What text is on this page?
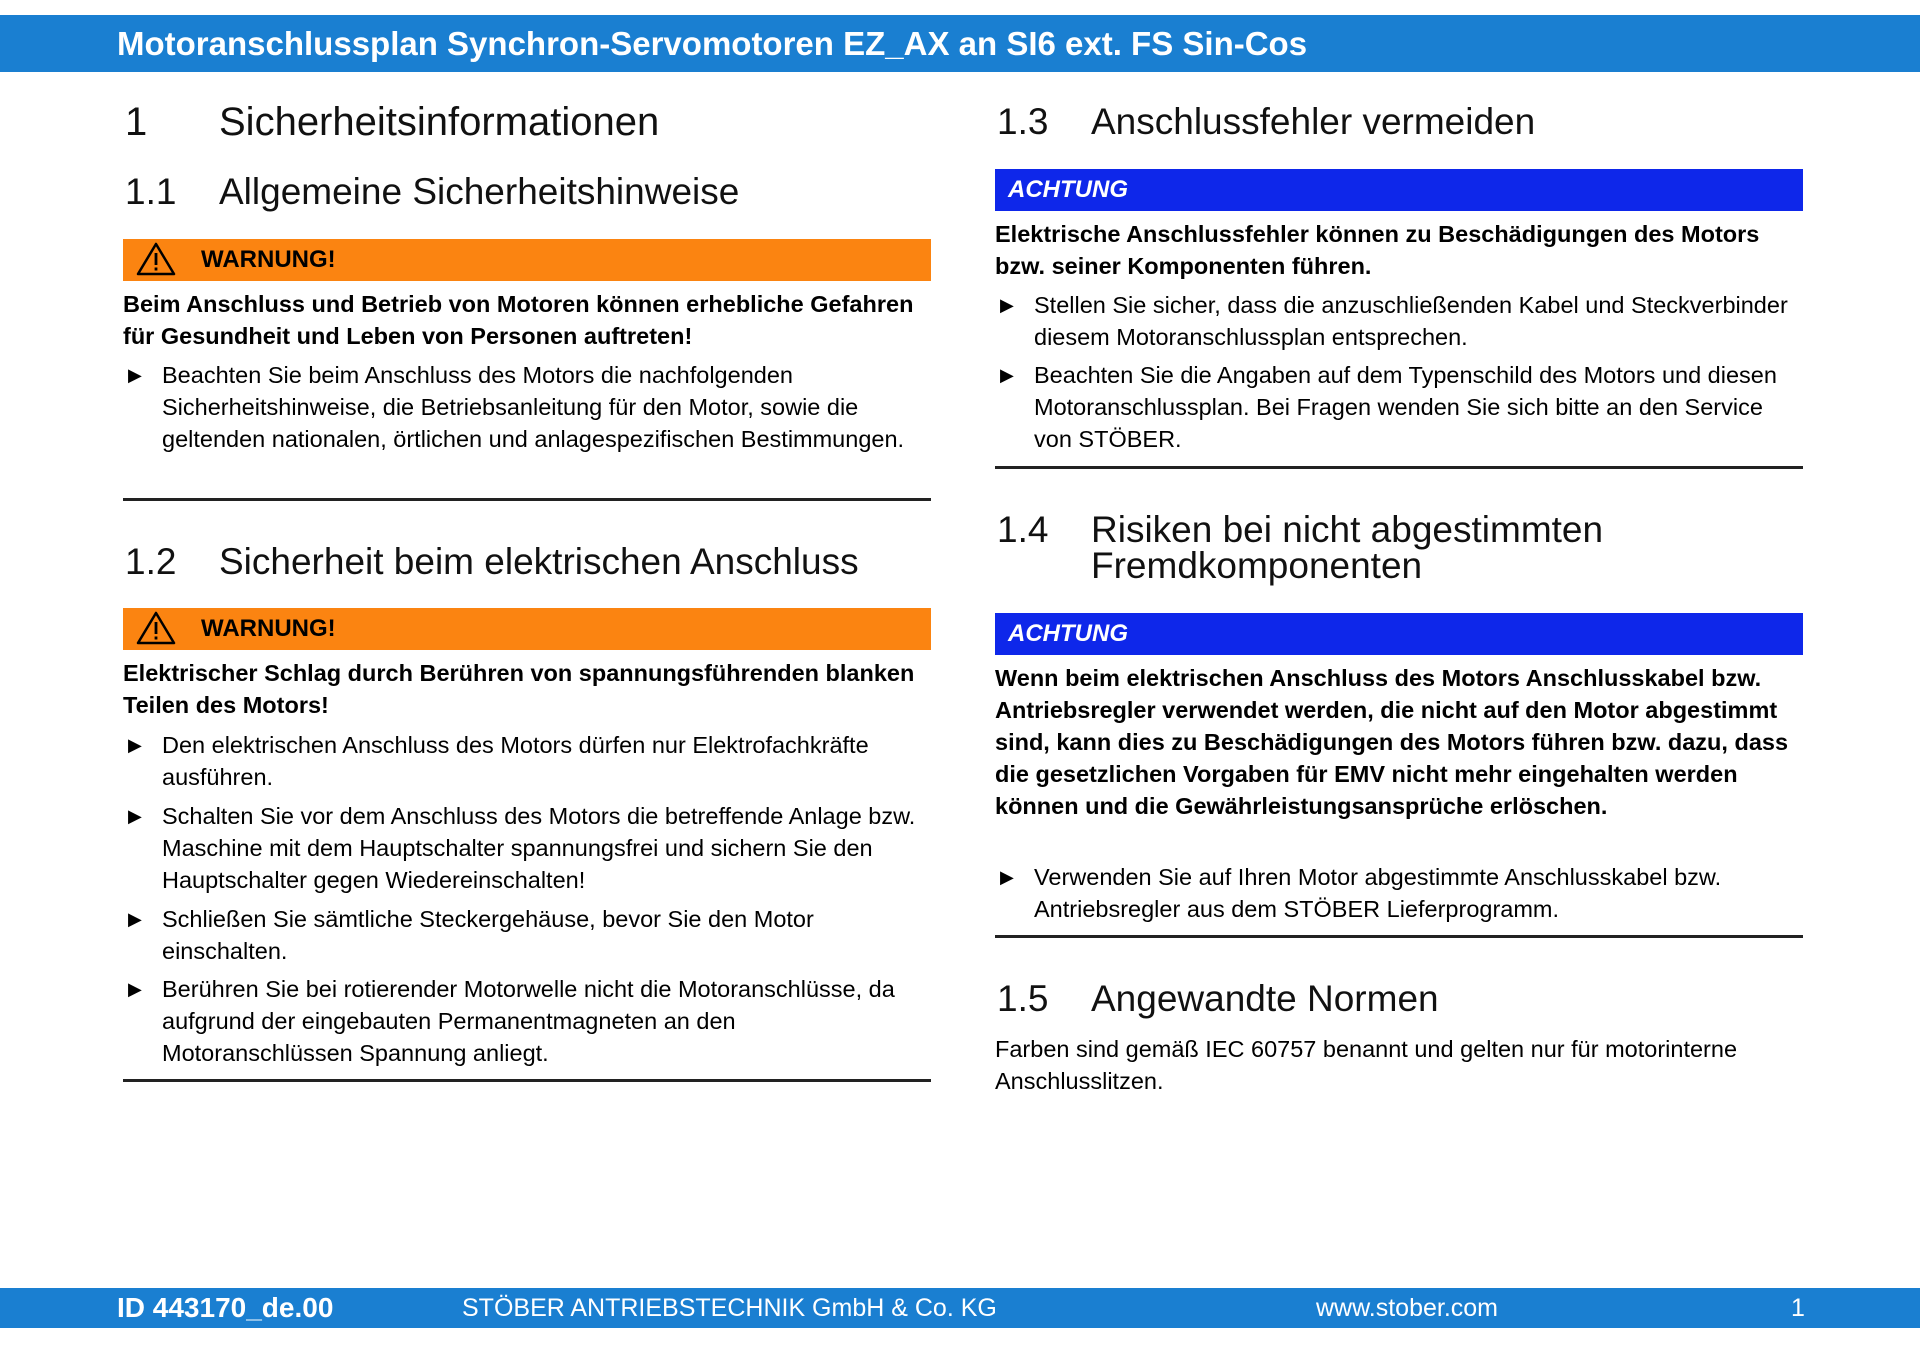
Motoranschlussplan Synchron-Servomotoren EZ_AX an SI6 ext. FS Sin-Cos
1 Sicherheitsinformationen
1.1 Allgemeine Sicherheitshinweise
WARNUNG!
Beim Anschluss und Betrieb von Motoren können erhebliche Gefahren für Gesundheit und Leben von Personen auftreten!
▶ Beachten Sie beim Anschluss des Motors die nachfolgenden Sicherheitshinweise, die Betriebsanleitung für den Motor, sowie die geltenden nationalen, örtlichen und anlagespezifischen Bestimmungen.
1.2 Sicherheit beim elektrischen Anschluss
WARNUNG!
Elektrischer Schlag durch Berühren von spannungsführenden blanken Teilen des Motors!
▶ Den elektrischen Anschluss des Motors dürfen nur Elektrofachkräfte ausführen.
▶ Schalten Sie vor dem Anschluss des Motors die betreffende Anlage bzw. Maschine mit dem Hauptschalter spannungsfrei und sichern Sie den Hauptschalter gegen Wiedereinschalten!
▶ Schließen Sie sämtliche Steckergehäuse, bevor Sie den Motor einschalten.
▶ Berühren Sie bei rotierender Motorwelle nicht die Motoranschlüsse, da aufgrund der eingebauten Permanentmagneten an den Motoranschlüssen Spannung anliegt.
1.3 Anschlussfehler vermeiden
ACHTUNG
Elektrische Anschlussfehler können zu Beschädigungen des Motors bzw. seiner Komponenten führen.
▶ Stellen Sie sicher, dass die anzuschließenden Kabel und Steckverbinder diesem Motoranschlussplan entsprechen.
▶ Beachten Sie die Angaben auf dem Typenschild des Motors und diesen Motoranschlussplan. Bei Fragen wenden Sie sich bitte an den Service von STÖBER.
1.4 Risiken bei nicht abgestimmten Fremdkomponenten
ACHTUNG
Wenn beim elektrischen Anschluss des Motors Anschlusskabel bzw. Antriebsregler verwendet werden, die nicht auf den Motor abgestimmt sind, kann dies zu Beschädigungen des Motors führen bzw. dazu, dass die gesetzlichen Vorgaben für EMV nicht mehr eingehalten werden können und die Gewährleistungsansprüche erlöschen.
▶ Verwenden Sie auf Ihren Motor abgestimmte Anschlusskabel bzw. Antriebsregler aus dem STÖBER Lieferprogramm.
1.5 Angewandte Normen
Farben sind gemäß IEC 60757 benannt und gelten nur für motorinterne Anschlusslitzen.
ID 443170_de.00	STÖBER ANTRIEBSTECHNIK GmbH & Co. KG	www.stober.com	1
